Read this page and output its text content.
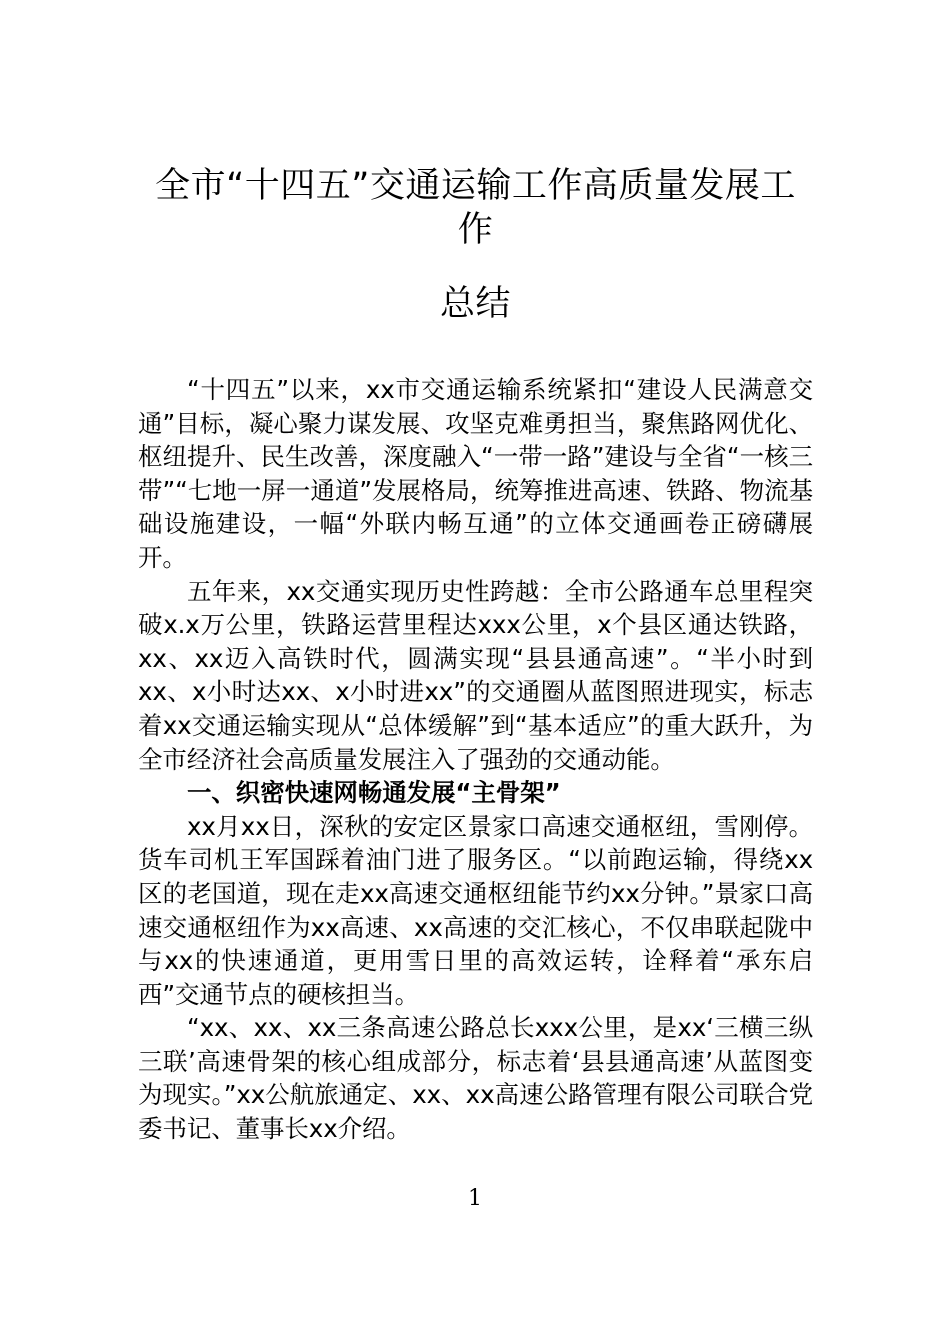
全市“十四五”交通运输工作高质量发展工作
总结

“十四五”以来，xx市交通运输系统紧扣“建设人民满意交通”目标，凝心聚力谋发展、攻坚克难勇担当，聚焦路网优化、枢纽提升、民生改善，深度融入“一带一路”建设与全省“一核三带”“七地一屏一通道”发展格局，统筹推进高速、铁路、物流基础设施建设，一幅“外联内畅互通”的立体交通画卷正磅礴展开。

五年来，xx交通实现历史性跨越：全市公路通车总里程突破x.x万公里，铁路运营里程达xxx公里，x个县区通达铁路，xx、xx迈入高铁时代，圆满实现“县县通高速”。“半小时到xx、x小时达xx、x小时进xx”的交通圈从蓝图照进现实，标志着xx交通运输实现从“总体缓解”到“基本适应”的重大跃升，为全市经济社会高质量发展注入了强劲的交通动能。

一、织密快速网畅通发展“主骨架”

xx月xx日，深秋的安定区景家口高速交通枢纽，雪刚停。货车司机王军国踩着油门进了服务区。“以前跑运输，得绕xx区的老国道，现在走xx高速交通枢纽能节约xx分钟。”景家口高速交通枢纽作为xx高速、xx高速的交汇核心，不仅串联起陇中与xx的快速通道，更用雪日里的高效运转，诠释着“承东启西”交通节点的硬核担当。

“xx、xx、xx三条高速公路总长xxx公里，是xx‘三横三纵三联’高速骨架的核心组成部分，标志着‘县县通高速’从蓝图变为现实。”xx公航旅通定、xx、xx高速公路管理有限公司联合党委书记、董事长xx介绍。

1
